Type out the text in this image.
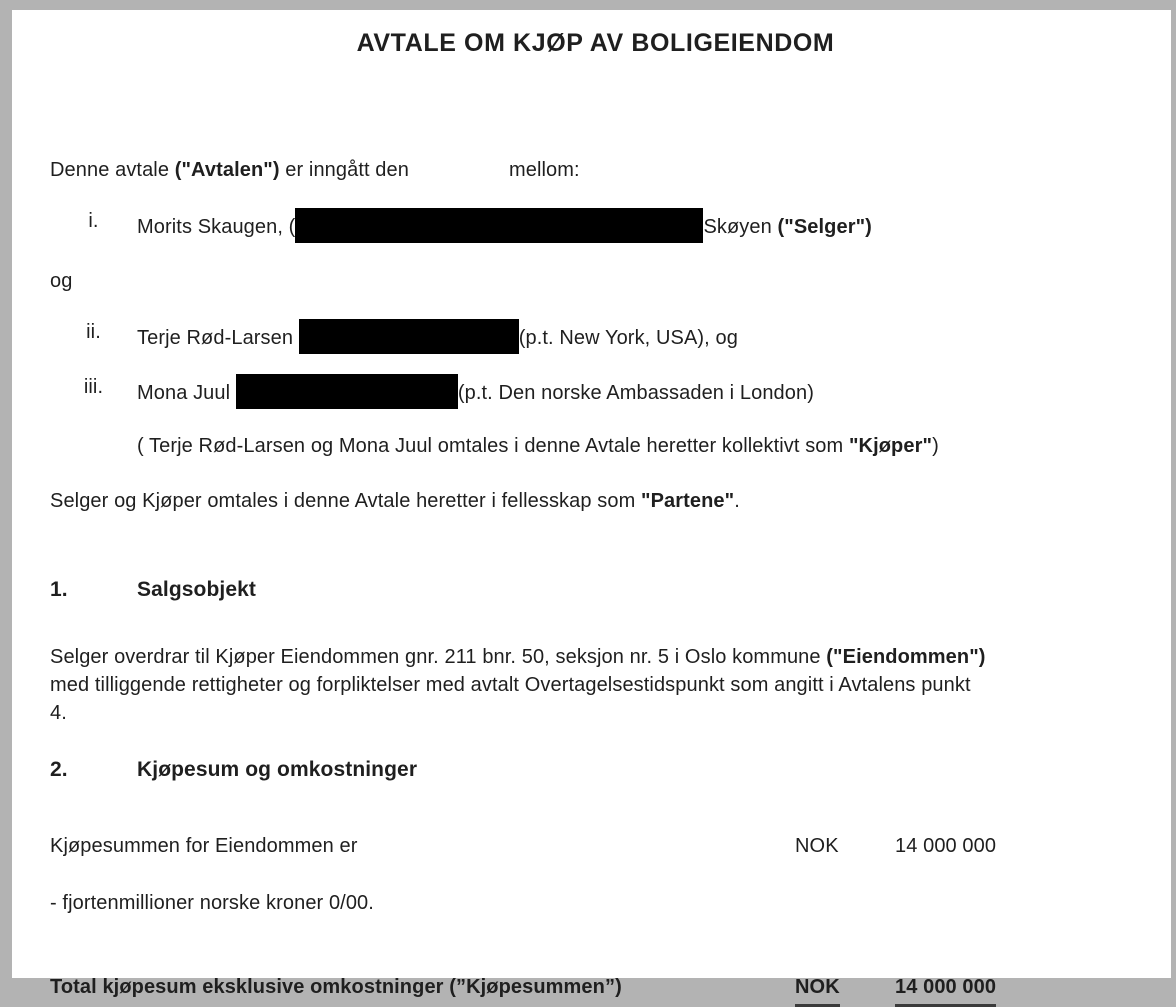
AVTALE OM KJØP AV BOLIGEIENDOM
Denne avtale ("Avtalen") er inngått den	mellom:
i.	Morits Skaugen, (	Skøyen ("Selger")
og
ii.	Terje Rød-Larsen	(p.t. New York, USA), og
iii.	Mona Juul	(p.t. Den norske Ambassaden i London)
( Terje Rød-Larsen og Mona Juul omtales i denne Avtale heretter kollektivt som "Kjøper")
Selger og Kjøper omtales i denne Avtale heretter i fellesskap som "Partene".
1.	Salgsobjekt
Selger overdrar til Kjøper Eiendommen gnr. 211 bnr. 50, seksjon nr. 5 i Oslo kommune ("Eiendommen")
med tilliggende rettigheter og forpliktelser med avtalt Overtagelsestidspunkt som angitt i Avtalens punkt
4.
2.	Kjøpesum og omkostninger
Kjøpesummen for Eiendommen er	NOK	14 000 000
- fjortenmillioner norske kroner 0/00.
Total kjøpesum eksklusive omkostninger (”Kjøpesummen”)	NOK	14 000 000
